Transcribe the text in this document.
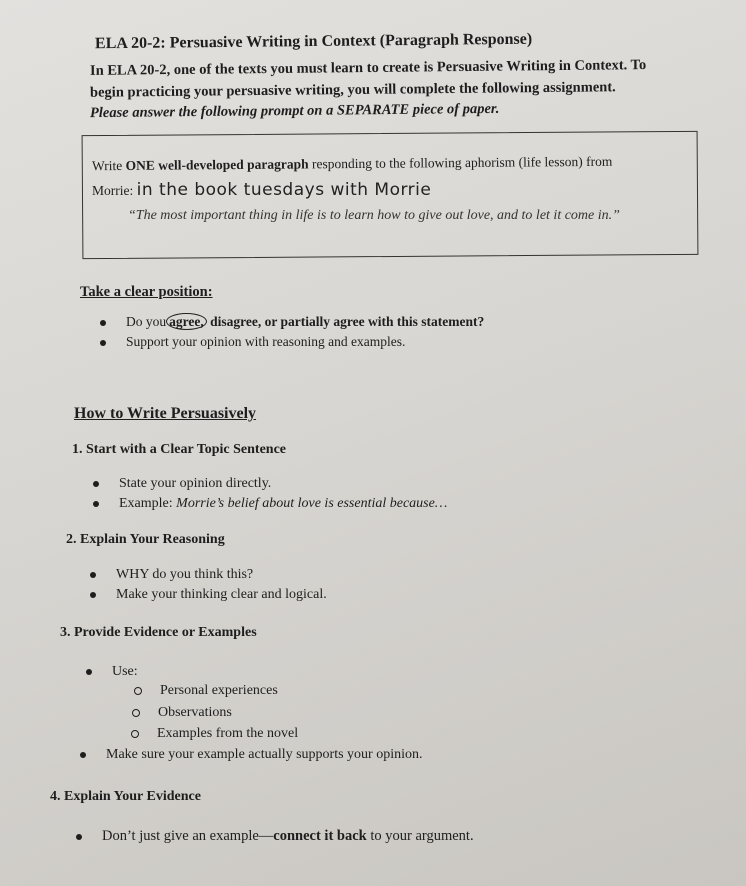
ELA 20-2: Persuasive Writing in Context (Paragraph Response)
In ELA 20-2, one of the texts you must learn to create is Persuasive Writing in Context. To
begin practicing your persuasive writing, you will complete the following assignment.
Please answer the following prompt on a SEPARATE piece of paper.
Write ONE well-developed paragraph responding to the following aphorism (life lesson) from
Morrie: in the book tuesdays with Morrie
“The most important thing in life is to learn how to give out love, and to let it come in.”
Take a clear position:
Do you agree, disagree, or partially agree with this statement?
Support your opinion with reasoning and examples.
How to Write Persuasively
1. Start with a Clear Topic Sentence
State your opinion directly.
Example: Morrie’s belief about love is essential because…
2. Explain Your Reasoning
WHY do you think this?
Make your thinking clear and logical.
3. Provide Evidence or Examples
Use:
Personal experiences
Observations
Examples from the novel
Make sure your example actually supports your opinion.
4. Explain Your Evidence
Don’t just give an example—connect it back to your argument.
